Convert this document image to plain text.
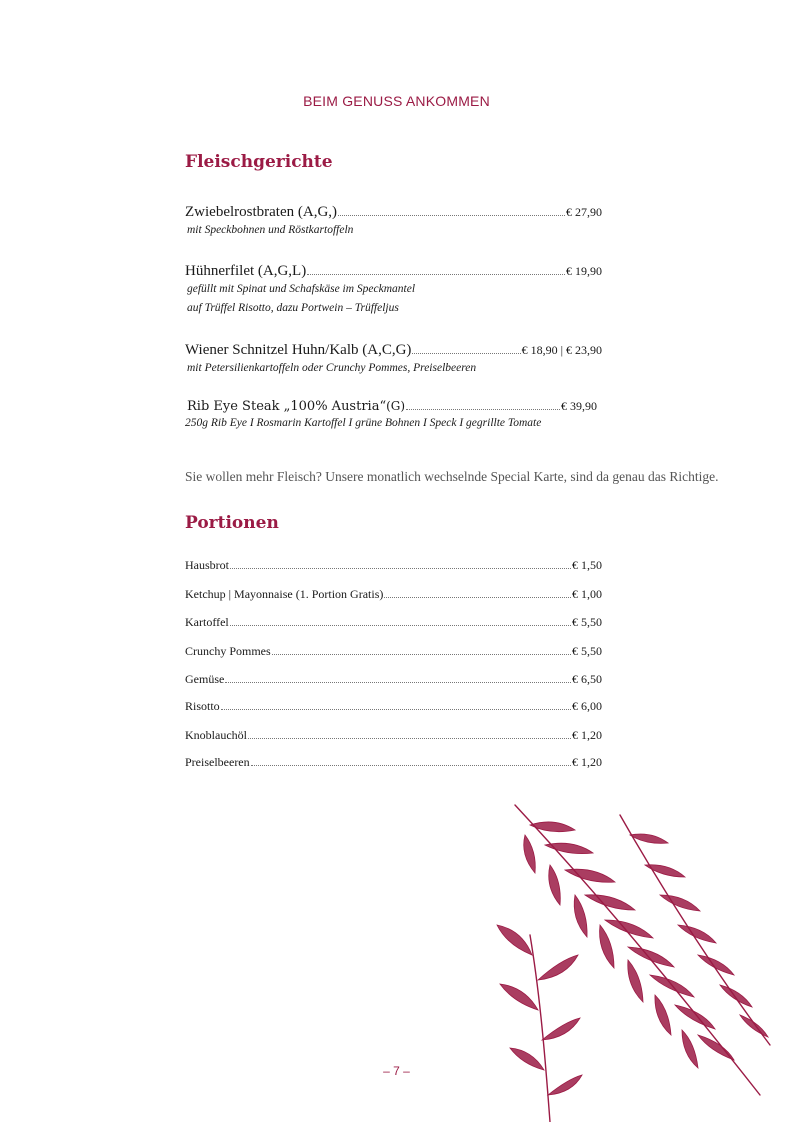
BEIM GENUSS ANKOMMEN
Fleischgerichte
Zwiebelrostbraten (A,G,)	€ 27,90
mit Speckbohnen und Röstkartoffeln
Hühnerfilet (A,G,L)	€ 19,90
gefüllt mit Spinat und Schafskäse im Speckmantel
auf Trüffel Risotto, dazu Portwein – Trüffeljus
Wiener Schnitzel Huhn/Kalb (A,C,G)	€ 18,90 | € 23,90
mit Petersilienkartoffeln oder Crunchy Pommes, Preiselbeeren
Rib Eye Steak „100% Austria“(G)	€ 39,90
250g Rib Eye I Rosmarin Kartoffel I grüne Bohnen I Speck I gegrillte Tomate
Sie wollen mehr Fleisch? Unsere monatlich wechselnde Special Karte, sind da genau das Richtige.
Portionen
Hausbrot	€ 1,50
Ketchup | Mayonnaise (1. Portion Gratis)	€ 1,00
Kartoffel	€ 5,50
Crunchy Pommes	€ 5,50
Gemüse	€ 6,50
Risotto	€ 6,00
Knoblauchöl	€ 1,20
Preiselbeeren	€ 1,20
– 7 –
